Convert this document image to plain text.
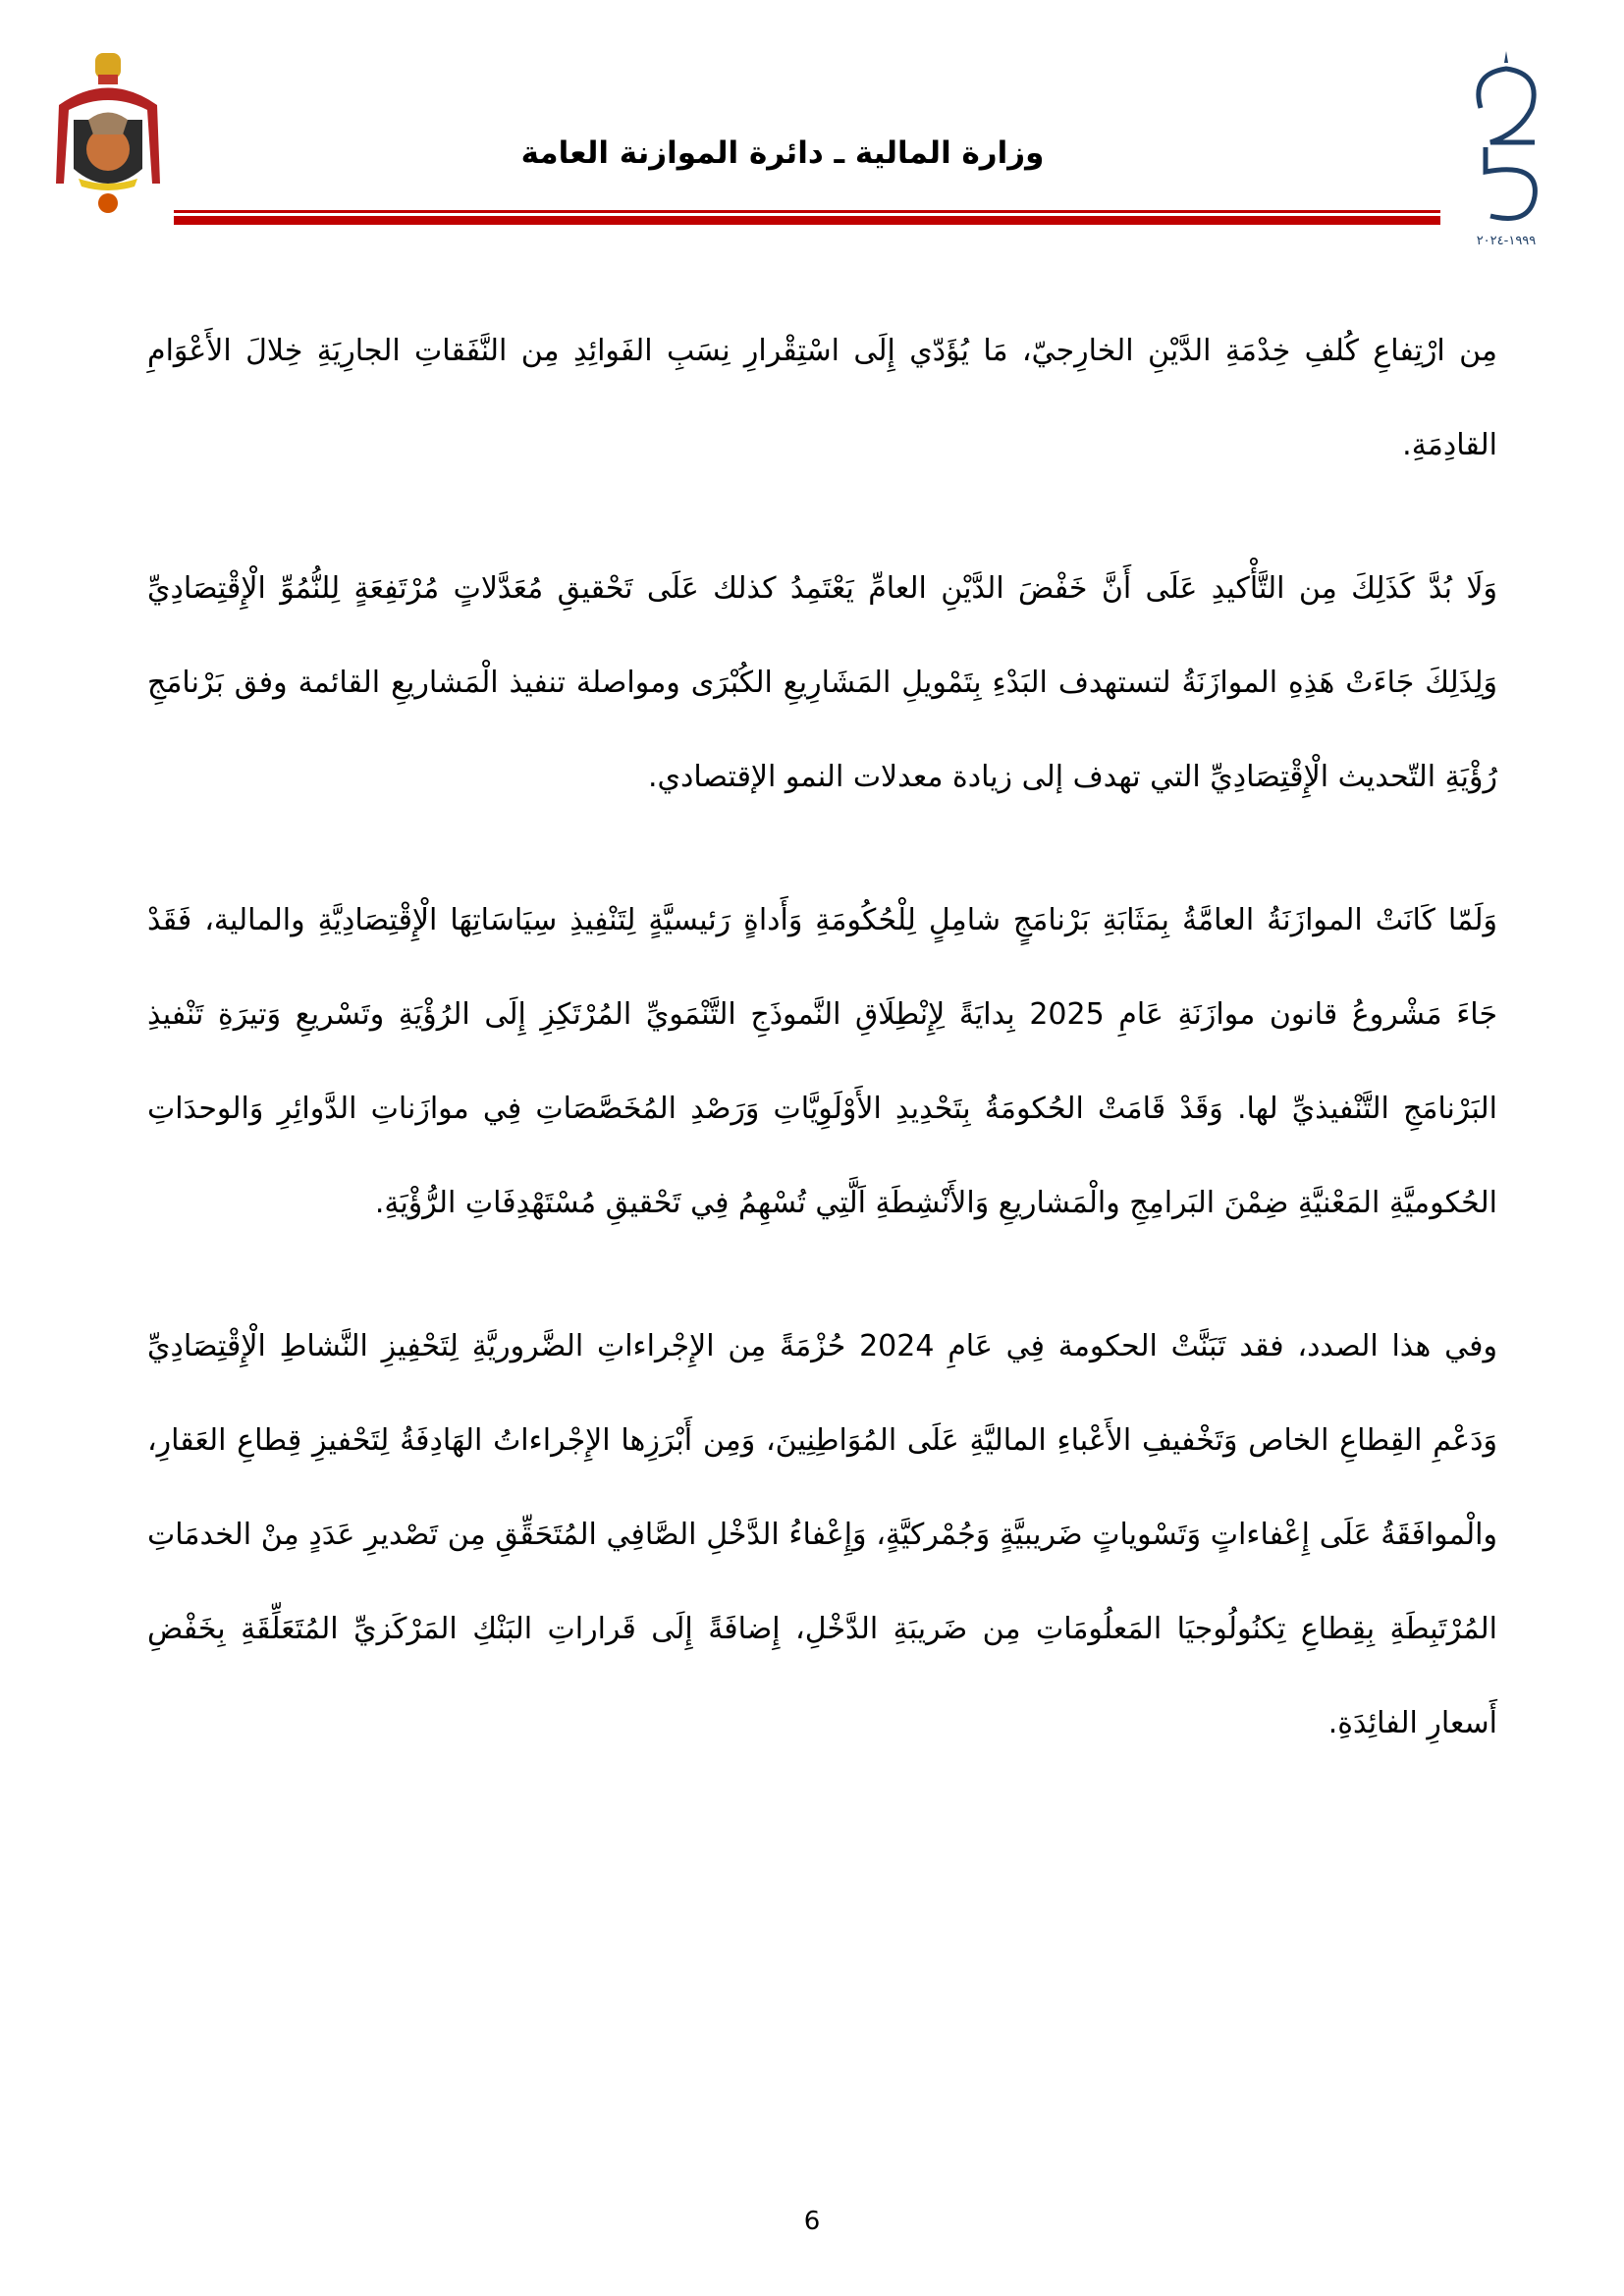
١٩٩٩-٢٠٢٤
وزارة المالية ـ دائرة الموازنة العامة

مِن ارْتِفاعِ كُلفِ خِدْمَةِ الدَّيْنِ الخارِجيّ، مَا يُؤَدّي إِلَى اسْتِقْرارِ نِسَبِ الفَوائِدِ مِن النَّفَقاتِ الجارِيَةِ خِلالَ الأَعْوَامِ القادِمَةِ.

وَلَا بُدَّ كَذَلِكَ مِن التَّأْكيدِ عَلَى أَنَّ خَفْضَ الدَّيْنِ العامِّ يَعْتَمِدُ كذلك عَلَى تَحْقيقِ مُعَدَّلاتٍ مُرْتَفِعَةٍ لِلنُّمُوِّ الْإِقْتِصَادِيِّ وَلِذَلِكَ جَاءَتْ هَذِهِ الموازَنَةُ لتستهدف البَدْءِ بِتَمْويلِ المَشَارِيعِ الكُبْرَى ومواصلة تنفيذ الْمَشاريعِ القائمة وفق بَرْنامَجِ رُؤْيَةِ التّحديث الْإِقْتِصَادِيِّ التي تهدف إلى زيادة معدلات النمو الإقتصادي.

وَلَمّا كَانَتْ الموازَنَةُ العامَّةُ بِمَثَابَةِ بَرْنامَجٍ شامِلٍ لِلْحُكُومَةِ وَأَداةٍ رَئيسيَّةٍ لِتَنْفِيذِ سِيَاسَاتِهَا الْإِقْتِصَادِيَّةِ والمالية، فَقَدْ جَاءَ مَشْروعُ قانون موازَنَةِ عَامِ 2025 بِدايَةً لِإِنْطِلَاقِ النَّموذَجِ التَّنْمَويِّ المُرْتَكِزِ إِلَى الرُؤْيَةِ وتَسْريعِ وَتيرَةِ تَنْفيذِ البَرْنامَجِ التَّنْفيذيِّ لها. وَقَدْ قَامَتْ الحُكومَةُ بِتَحْدِيدِ الأَوْلَوِيَّاتِ وَرَصْدِ المُخَصَّصَاتِ فِي موازَناتِ الدَّوائِرِ وَالوحدَاتِ الحُكوميَّةِ المَعْنيَّةِ ضِمْنَ البَرامِجِ والْمَشاريعِ وَالأَنْشِطَةِ اَلَّتِي تُسْهِمُ فِي تَحْقيقِ مُسْتَهْدِفَاتِ الرُّؤْيَةِ.

وفي هذا الصدد، فقد تَبَنَّتْ الحكومة فِي عَامِ 2024 حُزْمَةً مِن الإِجْراءاتِ الضَّروريَّةِ لِتَحْفِيزِ النَّشاطِ الْإِقْتِصَادِيِّ وَدَعْمِ القِطاعِ الخاص وَتَخْفيفِ الأَعْباءِ الماليَّةِ عَلَى المُوَاطِنِينَ، وَمِن أَبْرَزِها الإِجْراءاتُ الهَادِفَةُ لِتَحْفيزِ قِطاعِ العَقارِ، والْموافَقَةُ عَلَى إِعْفاءاتٍ وَتَسْوياتٍ ضَريبيَّةٍ وَجُمْركيَّةٍ، وَإِعْفاءُ الدَّخْلِ الصَّافِي المُتَحَقِّقِ مِن تَصْديرِ عَدَدٍ مِنْ الخدمَاتِ المُرْتَبِطَةِ بِقِطاعِ تِكنُولُوجيَا المَعلُومَاتِ مِن ضَريبَةِ الدَّخْلِ، إِضافَةً إِلَى قَراراتِ البَنْكِ المَرْكَزيِّ المُتَعَلِّقَةِ بِخَفْضِ أَسعارِ الفائِدَةِ.

6
